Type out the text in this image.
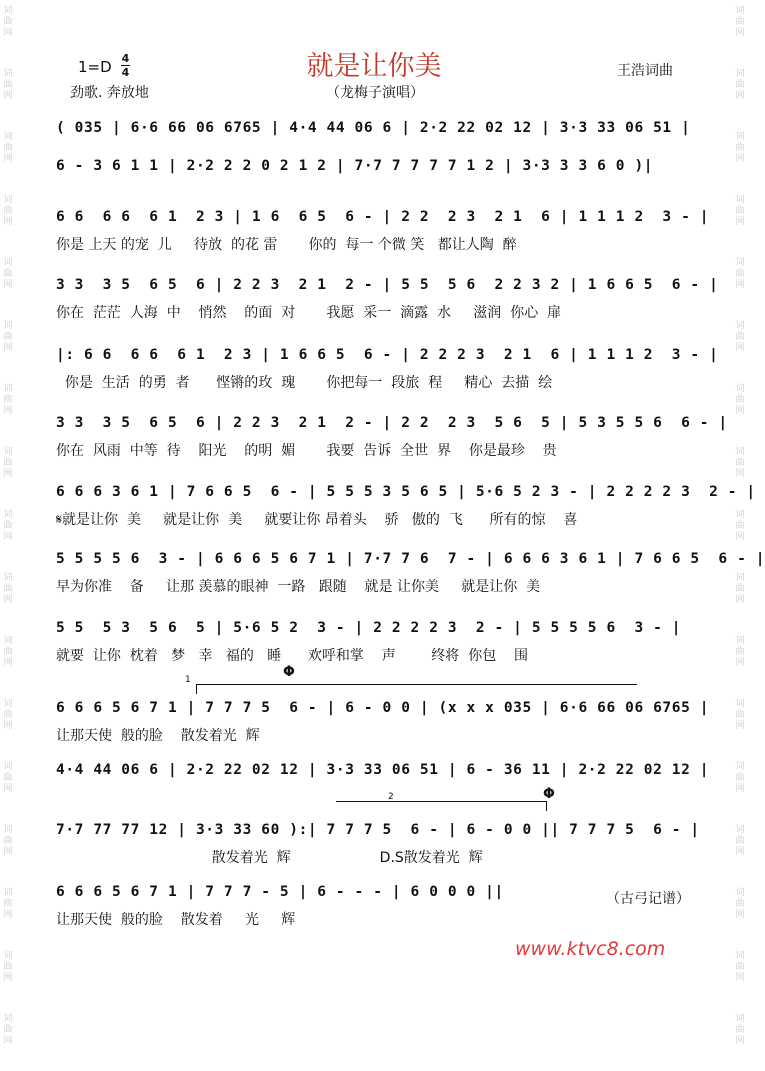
词曲网
词曲网
词曲网
词曲网
词曲网
词曲网
词曲网
词曲网
词曲网
词曲网
词曲网
词曲网
词曲网
词曲网
词曲网
词曲网
词曲网
词曲网
词曲网
词曲网
词曲网
词曲网
词曲网
词曲网
词曲网
词曲网
词曲网
词曲网
词曲网
词曲网
词曲网
词曲网
词曲网
词曲网
就是让你美
1=D 4
4	王浩词曲
劲歌. 奔放地	（龙梅子演唱）
( 035 | 6·6 66 06 6765 | 4·4 44 06 6 | 2·2 22 02 12 | 3·3 33 06 51 |
6 - 3 6 1 1 | 2·2 2 2 0 2 1 2 | 7·7 7 7 7 7 1 2 | 3·3 3 3 6 0 )|
6 6  6 6  6 1  2 3 | 1 6  6 5  6 - | 2 2  2 3  2 1  6 | 1 1 1 2  3 - |
你是 上天 的宠  儿     待放  的花 雷       你的  每一 个微 笑   都让人陶  醉
3 3  3 5  6 5  6 | 2 2 3  2 1  2 - | 5 5  5 6  2 2 3 2 | 1 6 6 5  6 - |
你在  茫茫  人海  中    悄然    的面  对       我愿  采一  滴露  水     滋润  你心  扉
|: 6 6  6 6  6 1  2 3 | 1 6 6 5  6 - | 2 2 2 3  2 1  6 | 1 1 1 2  3 - |
你是  生活  的勇  者      悭锵的玫  瑰       你把每一  段旅  程     精心  去描  绘
3 3  3 5  6 5  6 | 2 2 3  2 1  2 - | 2 2  2 3  5 6  5 | 5 3 5 5 6  6 - |
你在  风雨  中等  待    阳光    的明  媚       我要  告诉  全世  界    你是最珍    贵
6 6 6 3 6 1 | 7 6 6 5  6 - | 5 5 5 3 5 6 5 | 5·6 5 2 3 - | 2 2 2 2 3  2 - |
𝄋就是让你  美     就是让你  美     就要让你 昂着头    骄   傲的  飞      所有的惊    喜
5 5 5 5 6  3 - | 6 6 6 5 6 7 1 | 7·7 7 6  7 - | 6 6 6 3 6 1 | 7 6 6 5  6 - |
早为你准    备     让那 羡慕的眼神  一路   跟随    就是 让你美     就是让你  美
5 5  5 3  5 6  5 | 5·6 5 2  3 - | 2 2 2 2 3  2 - | 5 5 5 5 6  3 - |
就要  让你  枕着   梦   幸   福的   睡      欢呼和掌    声        终将  你包    围
6 6 6 5 6 7 1 | 7 7 7 5  6 - | 6 - 0 0 | (x x x 035 | 6·6 66 06 6765 |
让那天使  般的脸    散发着光  辉
4·4 44 06 6 | 2·2 22 02 12 | 3·3 33 06 51 | 6 - 36 11 | 2·2 22 02 12 |
7·7 77 77 12 | 3·3 33 60 ):| 7 7 7 5  6 - | 6 - 0 0 || 7 7 7 5  6 - |
散发着光  辉                    D.S散发着光  辉
6 6 6 5 6 7 1 | 7 7 7 - 5 | 6 - - - | 6 0 0 0 ||
让那天使  般的脸    散发着     光     辉
Φ
1
2	Φ
（古弓记谱）
www.ktvc8.com
